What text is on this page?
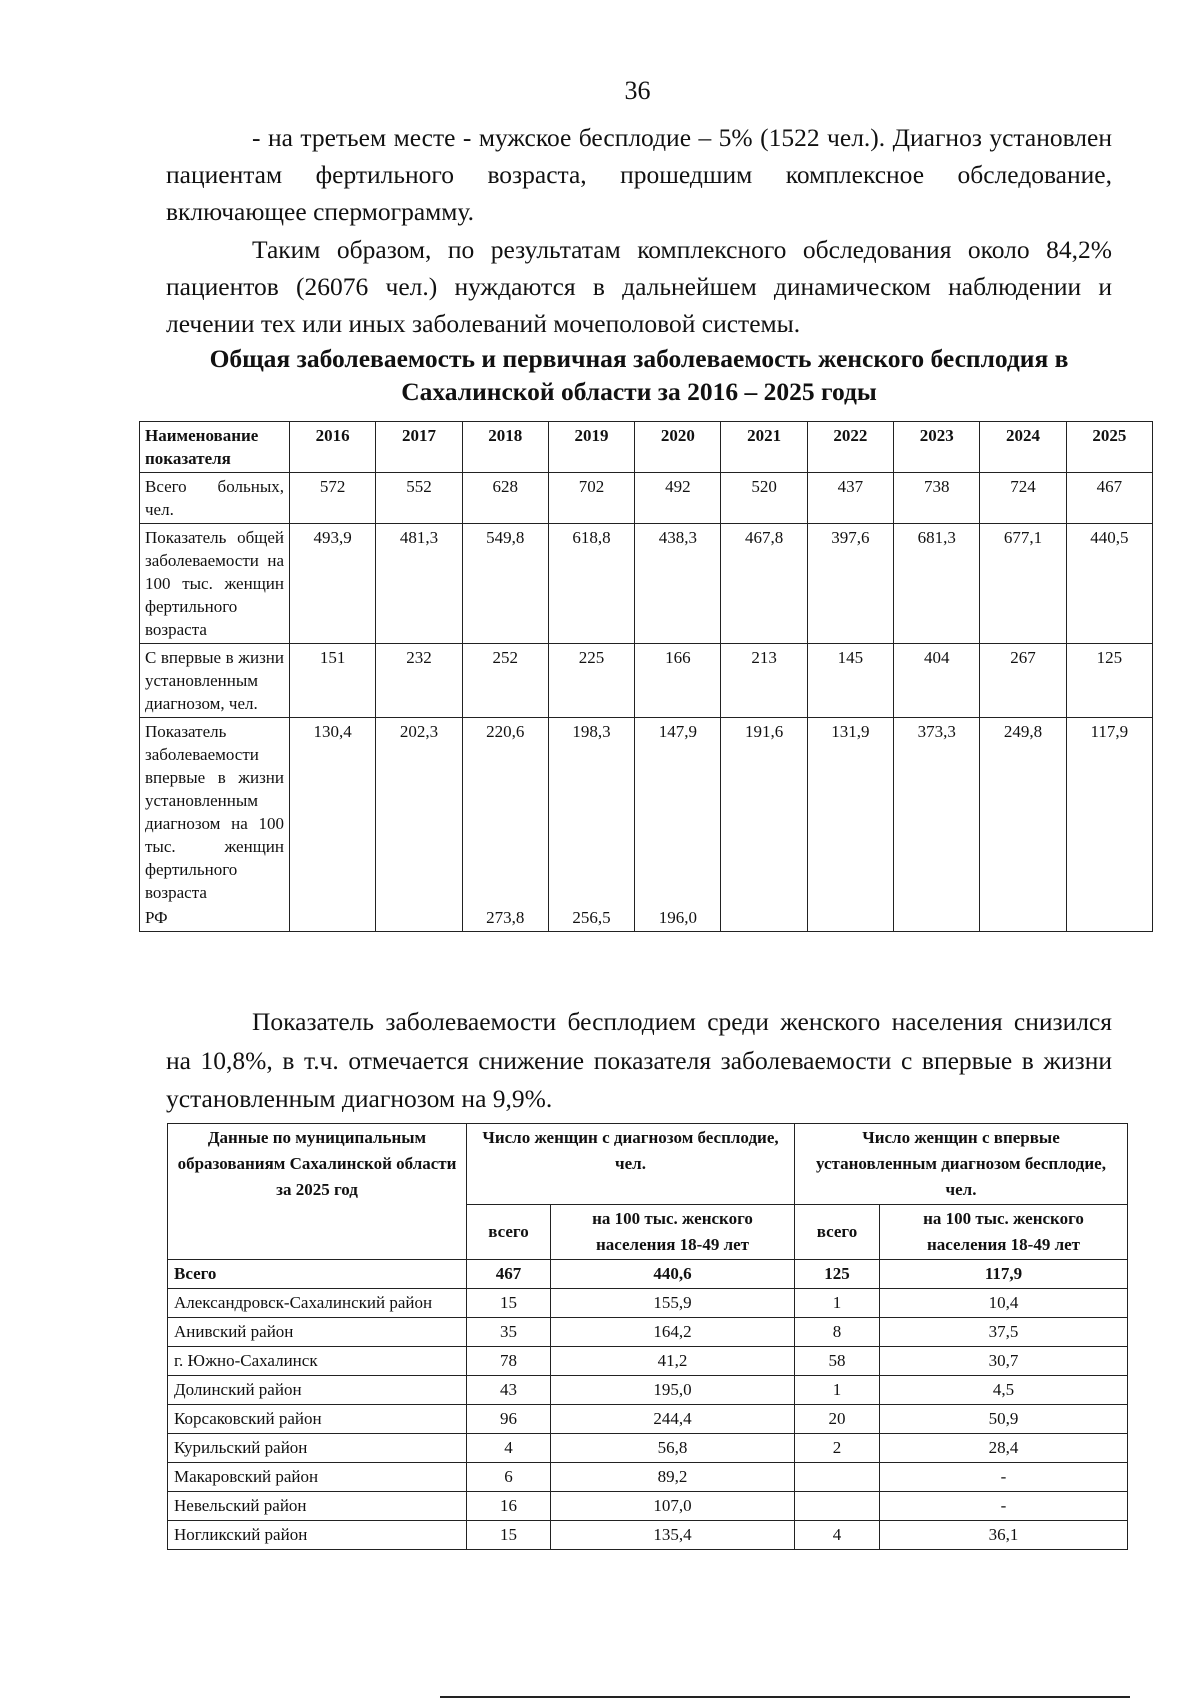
36

- на третьем месте - мужское бесплодие – 5% (1522 чел.). Диагноз установлен пациентам фертильного возраста, прошедшим комплексное обследование, включающее спермограмму.

Таким образом, по результатам комплексного обследования около 84,2% пациентов (26076 чел.) нуждаются в дальнейшем динамическом наблюдении и лечении тех или иных заболеваний мочеполовой системы.

Общая заболеваемость и первичная заболеваемость женского бесплодия в Сахалинской области за 2016 – 2025 годы

Наименование показателя	2016	2017	2018	2019	2020	2021	2022	2023	2024	2025
Всего больных, чел.	572	552	628	702	492	520	437	738	724	467
Показатель общей заболеваемости на 100 тыс. женщин фертильного возраста	493,9	481,3	549,8	618,8	438,3	467,8	397,6	681,3	677,1	440,5
С впервые в жизни установленным диагнозом, чел.	151	232	252	225	166	213	145	404	267	125
Показатель заболеваемости впервые в жизни установленным диагнозом на 100 тыс. женщин фертильного возраста	130,4	202,3	220,6	198,3	147,9	191,6	131,9	373,3	249,8	117,9
РФ			273,8	256,5	196,0					

Показатель заболеваемости бесплодием среди женского населения снизился на 10,8%, в т.ч. отмечается снижение показателя заболеваемости с впервые в жизни установленным диагнозом на 9,9%.

Данные по муниципальным образованиям Сахалинской области за 2025 год	Число женщин с диагнозом бесплодие, чел.		Число женщин с впервые установленным диагнозом бесплодие, чел.	
	всего	на 100 тыс. женского населения 18-49 лет	всего	на 100 тыс. женского населения 18-49 лет
Всего	467	440,6	125	117,9
Александровск-Сахалинский район	15	155,9	1	10,4
Анивский район	35	164,2	8	37,5
г. Южно-Сахалинск	78	41,2	58	30,7
Долинский район	43	195,0	1	4,5
Корсаковский район	96	244,4	20	50,9
Курильский район	4	56,8	2	28,4
Макаровский район	6	89,2		-
Невельский район	16	107,0		-
Ногликский район	15	135,4	4	36,1
